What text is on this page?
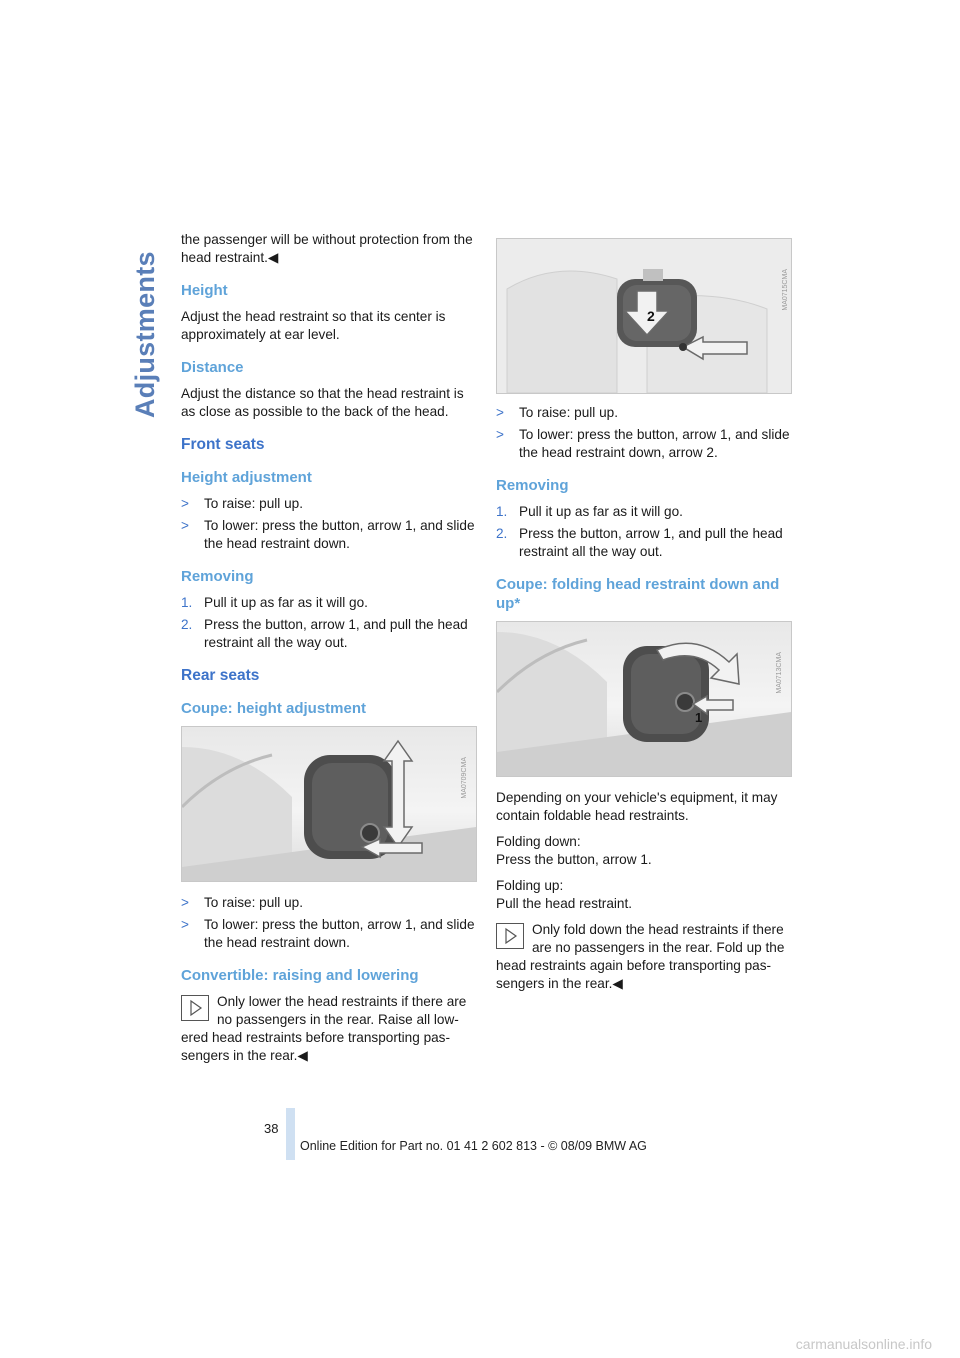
Adjustments

the passenger will be without protection from the head restraint.◀

Height

Adjust the head restraint so that its center is approximately at ear level.

Distance

Adjust the distance so that the head restraint is as close as possible to the back of the head.

Front seats
Height adjustment
> To raise: pull up.
> To lower: press the button, arrow 1, and slide the head restraint down.
Removing
1. Pull it up as far as it will go.
2. Press the button, arrow 1, and pull the head restraint all the way out.
Rear seats
Coupe: height adjustment
MA0709CMA
> To raise: pull up.
> To lower: press the button, arrow 1, and slide the head restraint down.
Convertible: raising and lowering
Only lower the head restraints if there are no passengers in the rear. Raise all low-
ered head restraints before transporting pas- sengers in the rear.◀
2
MA0715CMA
> To raise: pull up.
> To lower: press the button, arrow 1, and slide the head restraint down, arrow 2.
Removing
1. Pull it up as far as it will go.
2. Press the button, arrow 1, and pull the head restraint all the way out.
Coupe: folding head restraint down and up*
1
MA0713CMA

Depending on your vehicle's equipment, it may contain foldable head restraints.

Folding down:
Press the button, arrow 1.

Folding up:
Pull the head restraint.

Only fold down the head restraints if there are no passengers in the rear. Fold up the
head restraints again before transporting pas- sengers in the rear.◀
38
Online Edition for Part no. 01 41 2 602 813 - © 08/09 BMW AG
carmanualsonline.info
